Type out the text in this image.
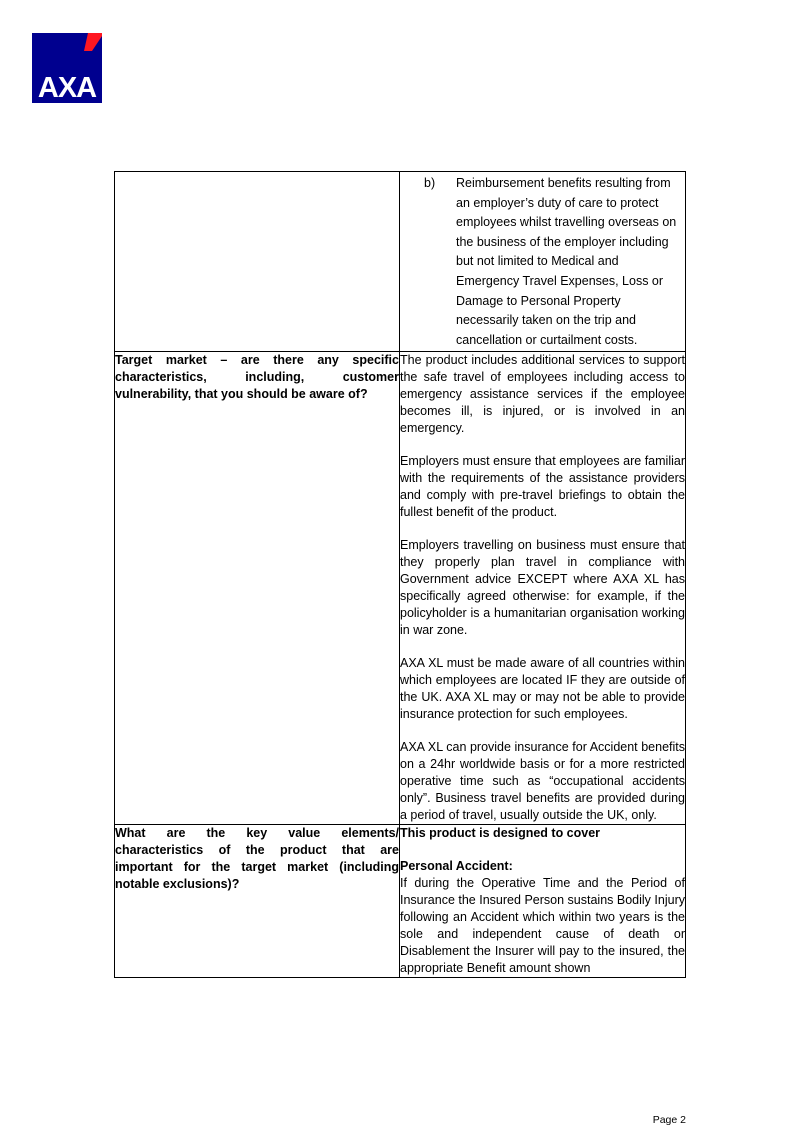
AXA

	b) Reimbursement benefits resulting from an employer’s duty of care to protect employees whilst travelling overseas on the business of the employer including but not limited to Medical and Emergency Travel Expenses, Loss or Damage to Personal Property necessarily taken on the trip and cancellation or curtailment costs.

Target market – are there any specific characteristics, including, customer vulnerability, that you should be aware of?	The product includes additional services to support the safe travel of employees including access to emergency assistance services if the employee becomes ill, is injured, or is involved in an emergency.

Employers must ensure that employees are familiar with the requirements of the assistance providers and comply with pre-travel briefings to obtain the fullest benefit of the product.

Employers travelling on business must ensure that they properly plan travel in compliance with Government advice EXCEPT where AXA XL has specifically agreed otherwise: for example, if the policyholder is a humanitarian organisation working in war zone.

AXA XL must be made aware of all countries within which employees are located IF they are outside of the UK. AXA XL may or may not be able to provide insurance protection for such employees.

AXA XL can provide insurance for Accident benefits on a 24hr worldwide basis or for a more restricted operative time such as “occupational accidents only”. Business travel benefits are provided during a period of travel, usually outside the UK, only.

What are the key value elements/ characteristics of the product that are important for the target market (including notable exclusions)?	This product is designed to cover

Personal Accident:
If during the Operative Time and the Period of Insurance the Insured Person sustains Bodily Injury following an Accident which within two years is the sole and independent cause of death or Disablement the Insurer will pay to the insured, the appropriate Benefit amount shown
Page 2
